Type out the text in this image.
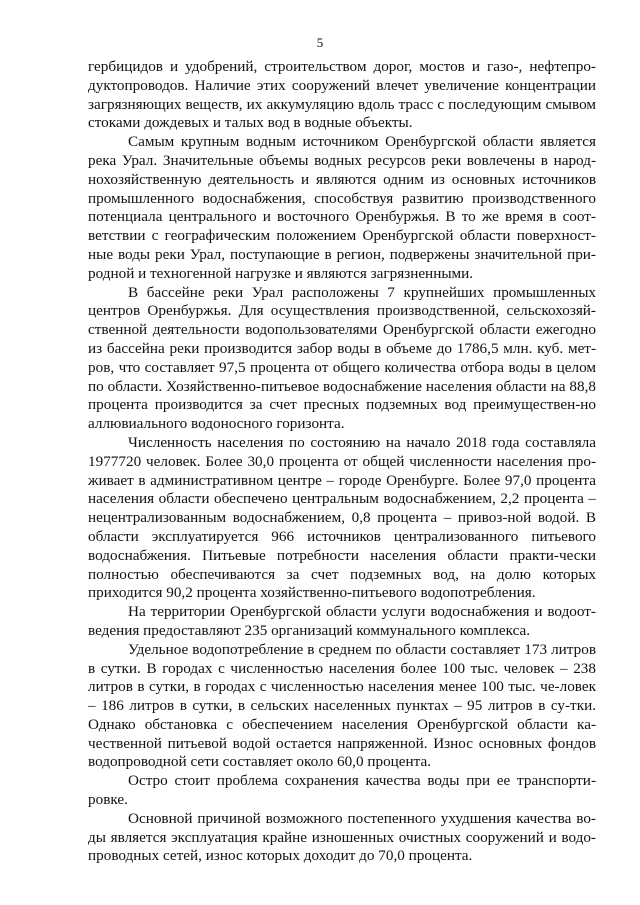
5

гербицидов и удобрений, строительством дорог, мостов и газо-, нефтепро-дуктопроводов. Наличие этих сооружений влечет увеличение концентрации загрязняющих веществ, их аккумуляцию вдоль трасс с последующим смывом стоками дождевых и талых вод в водные объекты.

Самым крупным водным источником Оренбургской области является река Урал. Значительные объемы водных ресурсов реки вовлечены в народ-нохозяйственную деятельность и являются одним из основных источников промышленного водоснабжения, способствуя развитию производственного потенциала центрального и восточного Оренбуржья. В то же время в соот-ветствии с географическим положением Оренбургской области поверхност-ные воды реки Урал, поступающие в регион, подвержены значительной при-родной и техногенной нагрузке и являются загрязненными.

В бассейне реки Урал расположены 7 крупнейших промышленных центров Оренбуржья. Для осуществления производственной, сельскохозяй-ственной деятельности водопользователями Оренбургской области ежегодно из бассейна реки производится забор воды в объеме до 1786,5 млн. куб. мет-ров, что составляет 97,5 процента от общего количества отбора воды в целом по области. Хозяйственно-питьевое водоснабжение населения области на 88,8 процента производится за счет пресных подземных вод преимуществен-но аллювиального водоносного горизонта.

Численность населения по состоянию на начало 2018 года составляла 1977720 человек. Более 30,0 процента от общей численности населения про-живает в административном центре – городе Оренбурге. Более 97,0 процента населения области обеспечено центральным водоснабжением, 2,2 процента – нецентрализованным водоснабжением, 0,8 процента – привоз-ной водой. В области эксплуатируется 966 источников централизованного питьевого водоснабжения. Питьевые потребности населения области практи-чески полностью обеспечиваются за счет подземных вод, на долю которых приходится 90,2 процента хозяйственно-питьевого водопотребления.

На территории Оренбургской области услуги водоснабжения и водоот-ведения предоставляют 235 организаций коммунального комплекса.

Удельное водопотребление в среднем по области составляет 173 литров в сутки. В городах с численностью населения более 100 тыс. человек – 238 литров в сутки, в городах с численностью населения менее 100 тыс. че-ловек – 186 литров в сутки, в сельских населенных пунктах – 95 литров в су-тки. Однако обстановка с обеспечением населения Оренбургской области ка-чественной питьевой водой остается напряженной. Износ основных фондов водопроводной сети составляет около 60,0 процента.

Остро стоит проблема сохранения качества воды при ее транспорти-ровке.

Основной причиной возможного постепенного ухудшения качества во-ды является эксплуатация крайне изношенных очистных сооружений и водо-проводных сетей, износ которых доходит до 70,0 процента.
